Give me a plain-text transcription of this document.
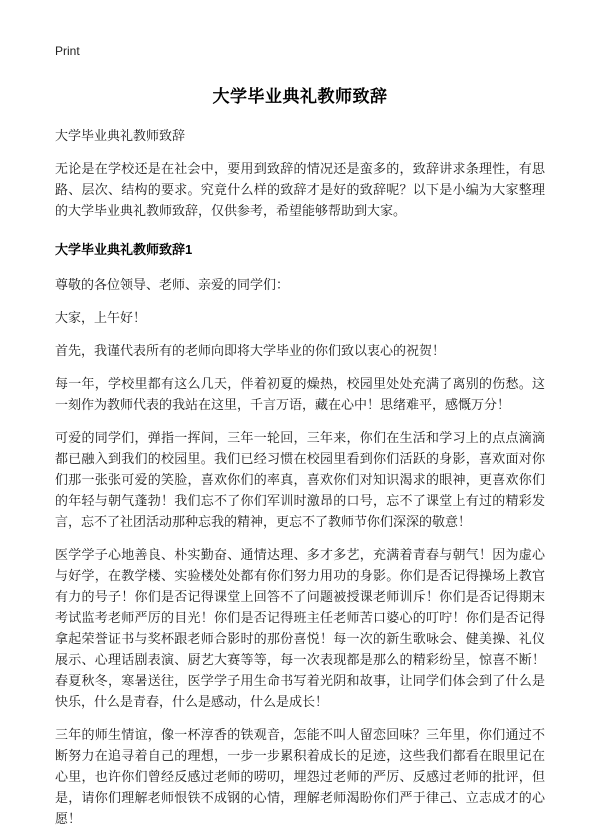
Print
大学毕业典礼教师致辞

大学毕业典礼教师致辞

无论是在学校还是在社会中，要用到致辞的情况还是蛮多的，致辞讲求条理性，有思路、层次、结构的要求。究竟什么样的致辞才是好的致辞呢？以下是小编为大家整理的大学毕业典礼教师致辞，仅供参考，希望能够帮助到大家。

大学毕业典礼教师致辞1

尊敬的各位领导、老师、亲爱的同学们：

大家，上午好！

首先，我谨代表所有的老师向即将大学毕业的你们致以衷心的祝贺！

每一年，学校里都有这么几天，伴着初夏的燥热，校园里处处充满了离别的伤愁。这一刻作为教师代表的我站在这里，千言万语，藏在心中！思绪难平，感慨万分！

可爱的同学们，弹指一挥间，三年一轮回，三年来，你们在生活和学习上的点点滴滴都已融入到我们的校园里。我们已经习惯在校园里看到你们活跃的身影，喜欢面对你们那一张张可爱的笑脸，喜欢你们的率真，喜欢你们对知识渴求的眼神，更喜欢你们的年轻与朝气蓬勃！我们忘不了你们军训时激昂的口号，忘不了课堂上有过的精彩发言，忘不了社团活动那种忘我的精神，更忘不了教师节你们深深的敬意！

医学学子心地善良、朴实勤奋、通情达理、多才多艺，充满着青春与朝气！因为虚心与好学，在教学楼、实验楼处处都有你们努力用功的身影。你们是否记得操场上教官有力的号子！你们是否记得课堂上回答不了问题被授课老师训斥！你们是否记得期末考试监考老师严厉的目光！你们是否记得班主任老师苦口婆心的叮咛！你们是否记得拿起荣誉证书与奖杯跟老师合影时的那份喜悦！每一次的新生歌咏会、健美操、礼仪展示、心理话剧表演、厨艺大赛等等，每一次表现都是那么的精彩纷呈，惊喜不断！春夏秋冬，寒暑送往，医学学子用生命书写着光阴和故事，让同学们体会到了什么是快乐，什么是青春，什么是感动，什么是成长！

三年的师生情谊，像一杯淳香的铁观音，怎能不叫人留恋回味？三年里，你们通过不断努力在追寻着自己的理想，一步一步累积着成长的足迹，这些我们都看在眼里记在心里，也许你们曾经反感过老师的唠叨，埋怨过老师的严厉、反感过老师的批评，但是，请你们理解老师恨铁不成钢的心情，理解老师渴盼你们严于律己、立志成才的心愿！
